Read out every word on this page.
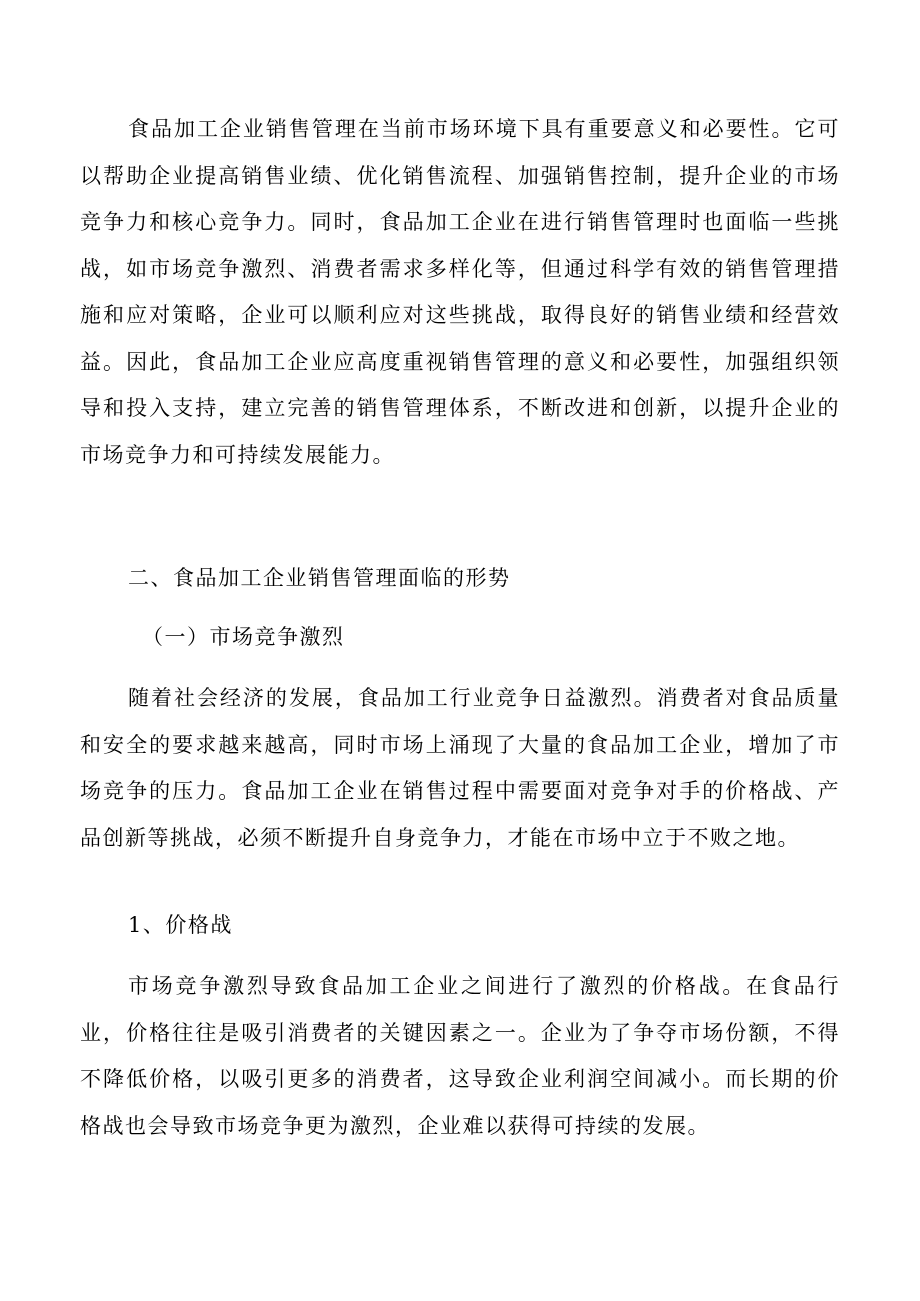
食品加工企业销售管理在当前市场环境下具有重要意义和必要性。它可以帮助企业提高销售业绩、优化销售流程、加强销售控制，提升企业的市场竞争力和核心竞争力。同时，食品加工企业在进行销售管理时也面临一些挑战，如市场竞争激烈、消费者需求多样化等，但通过科学有效的销售管理措施和应对策略，企业可以顺利应对这些挑战，取得良好的销售业绩和经营效益。因此，食品加工企业应高度重视销售管理的意义和必要性，加强组织领导和投入支持，建立完善的销售管理体系，不断改进和创新，以提升企业的市场竞争力和可持续发展能力。

二、食品加工企业销售管理面临的形势

（一）市场竞争激烈

随着社会经济的发展，食品加工行业竞争日益激烈。消费者对食品质量和安全的要求越来越高，同时市场上涌现了大量的食品加工企业，增加了市场竞争的压力。食品加工企业在销售过程中需要面对竞争对手的价格战、产品创新等挑战，必须不断提升自身竞争力，才能在市场中立于不败之地。

1、价格战

市场竞争激烈导致食品加工企业之间进行了激烈的价格战。在食品行业，价格往往是吸引消费者的关键因素之一。企业为了争夺市场份额，不得不降低价格，以吸引更多的消费者，这导致企业利润空间减小。而长期的价格战也会导致市场竞争更为激烈，企业难以获得可持续的发展。
